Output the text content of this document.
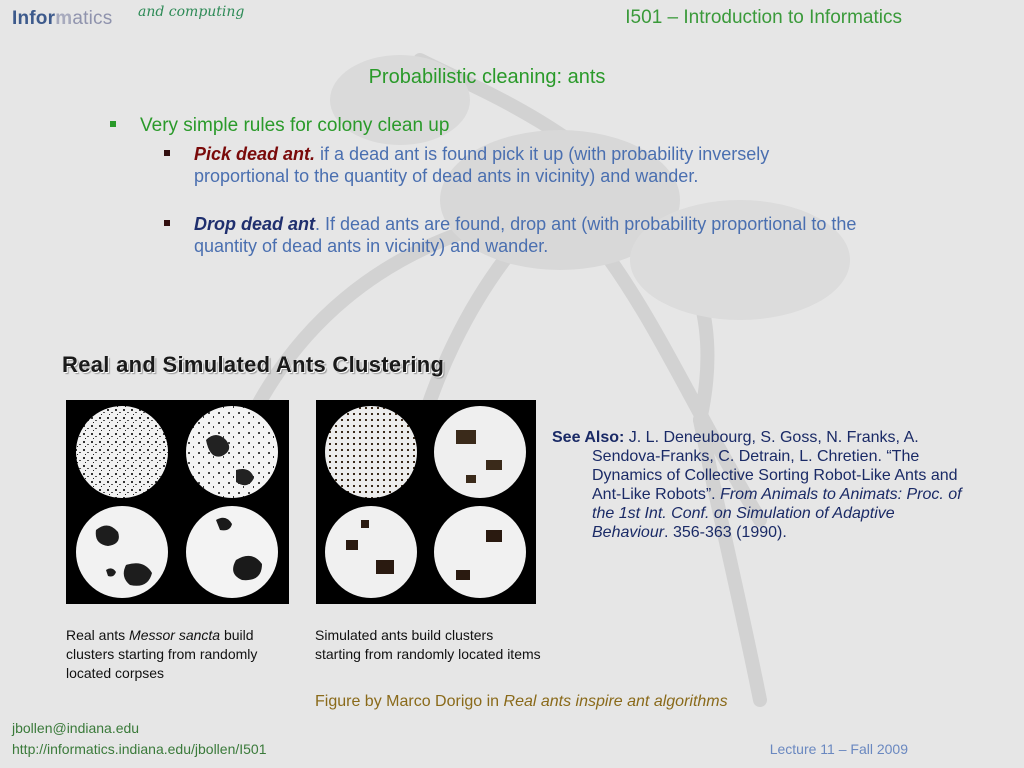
Informatics and computing	I501 – Introduction to Informatics
Probabilistic cleaning: ants
Very simple rules for colony clean up
Pick dead ant. if a dead ant is found pick it up (with probability inversely proportional to the quantity of dead ants in vicinity) and wander.
Drop dead ant. If dead ants are found, drop ant (with probability proportional to the quantity of dead ants in vicinity) and wander.
Real and Simulated Ants Clustering
Real ants Messor sancta build clusters starting from randomly located corpses
Simulated ants build clusters starting from randomly located items
See Also: J. L. Deneubourg, S. Goss, N. Franks, A. Sendova-Franks, C. Detrain, L. Chretien. “The Dynamics of Collective Sorting Robot-Like Ants and Ant-Like Robots”. From Animals to Animats: Proc. of the 1st Int. Conf. on Simulation of Adaptive Behaviour. 356-363 (1990).
Figure by Marco Dorigo in Real ants inspire ant algorithms
jbollen@indiana.edu
http://informatics.indiana.edu/jbollen/I501	Lecture 11 – Fall 2009
